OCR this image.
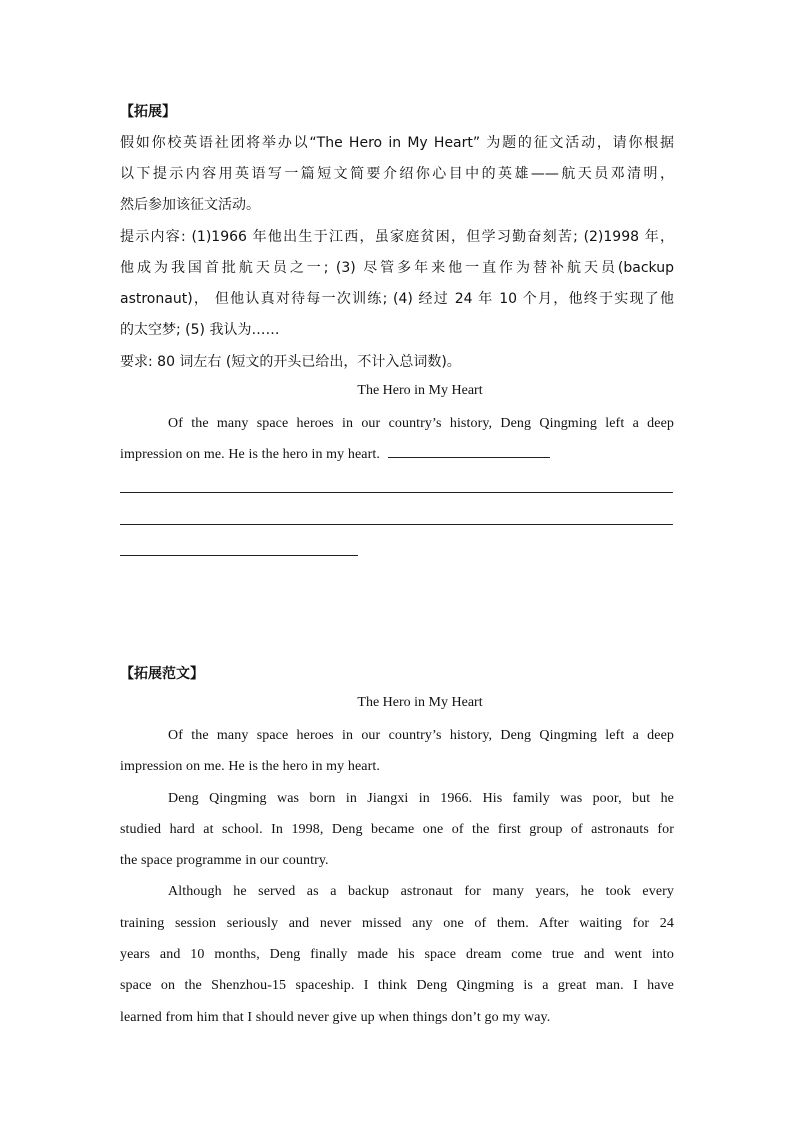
【拓展】
假如你校英语社团将举办以“The Hero in My Heart” 为题的征文活动，请你根据
以下提示内容用英语写一篇短文简要介绍你心目中的英雄——航天员邓清明，
然后参加该征文活动。
提示内容: (1)1966 年他出生于江西，虽家庭贫困，但学习勤奋刻苦; (2)1998 年，
他成为我国首批航天员之一; (3) 尽管多年来他一直作为替补航天员(backup
astronaut)， 但他认真对待每一次训练; (4) 经过 24 年 10 个月，他终于实现了他
的太空梦; (5) 我认为……
要求: 80 词左右 (短文的开头已给出，不计入总词数)。
The Hero in My Heart
Of the many space heroes in our country’s history, Deng Qingming left a deep
impression on me. He is the hero in my heart.
【拓展范文】
The Hero in My Heart
Of the many space heroes in our country’s history, Deng Qingming left a deep
impression on me. He is the hero in my heart.
Deng Qingming was born in Jiangxi in 1966. His family was poor, but he
studied hard at school. In 1998, Deng became one of the first group of astronauts for
the space programme in our country.
Although he served as a backup astronaut for many years, he took every
training session seriously and never missed any one of them. After waiting for 24
years and 10 months, Deng finally made his space dream come true and went into
space on the Shenzhou-15 spaceship. I think Deng Qingming is a great man. I have
learned from him that I should never give up when things don’t go my way.
